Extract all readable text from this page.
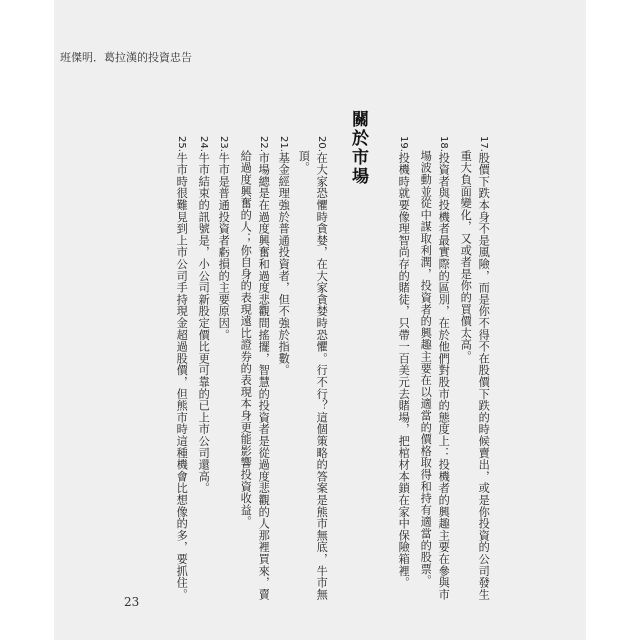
班傑明．葛拉漢的投資忠告
關於市場
23
17.股價下跌本身不是風險，而是你不得不在股價下跌的時候賣出，或是你投資的公司發生
重大負面變化，又或者是你的買價太高。
18.投資者與投機者最實際的區別，在於他們對股市的態度上：投機者的興趣主要在參與市
場波動並從中謀取利潤，投資者的興趣主要在以適當的價格取得和持有適當的股票。
19.投機時就要像理智尚存的賭徒，只帶一百美元去賭場，把棺材本鎖在家中保險箱裡。
20.在大家恐懼時貪婪，在大家貪婪時恐懼。行不行？這個策略的答案是熊市無底，牛市無
頂。
21.基金經理強於普通投資者，但不強於指數。
22.市場總是在過度興奮和過度悲觀間搖擺，智慧的投資者是從過度悲觀的人那裡買來，賣
給過度興奮的人；你自身的表現遠比證券的表現本身更能影響投資收益。
23.牛市是普通投資者虧損的主要原因。
24.牛市結束的訊號是，小公司新股定價比更可靠的已上市公司還高。
25.牛市時很難見到上市公司手持現金超過股價，但熊市時這種機會比想像的多，要抓住。
